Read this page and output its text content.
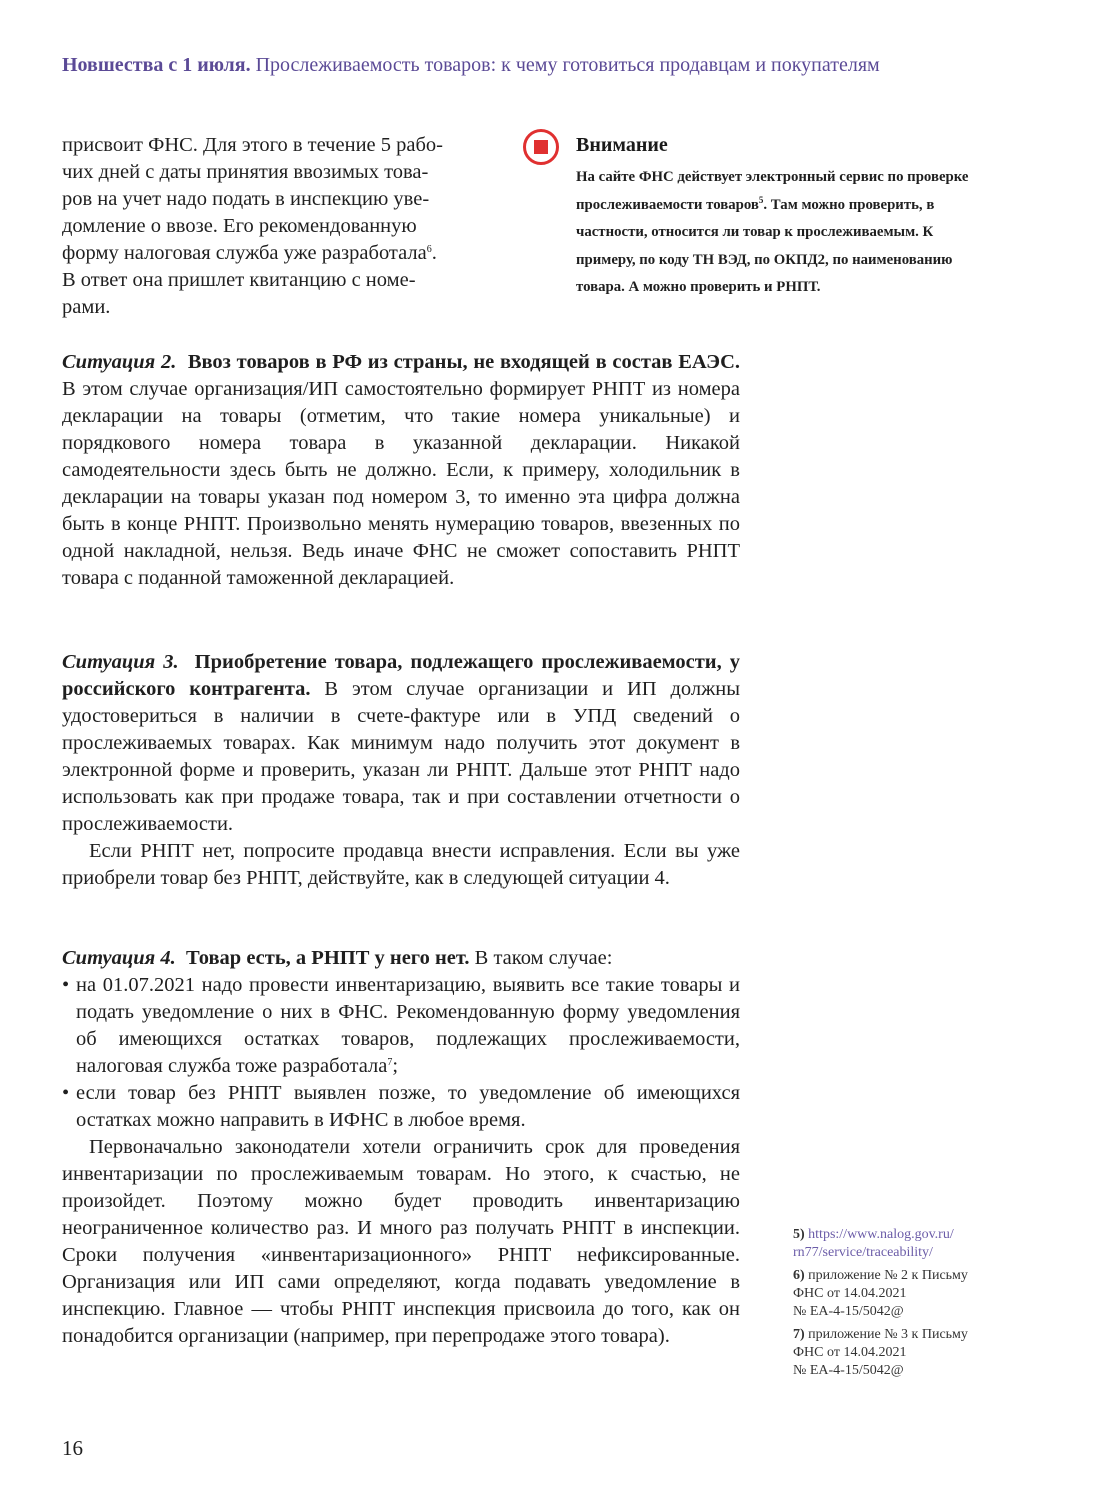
Новшества с 1 июля. Прослеживаемость товаров: к чему готовиться продавцам и покупателям
присвоит ФНС. Для этого в течение 5 рабо-
чих дней с даты принятия ввозимых това-
ров на учет надо подать в инспекцию уве-
домление о ввозе. Его рекомендованную
форму налоговая служба уже разработала$^6$.
В ответ она пришлет квитанцию с номе-
рами.
Внимание
На сайте ФНС действует электронный сервис по проверке прослеживаемости товаров$^5$. Там можно проверить, в частности, относится ли товар к прослеживаемым. К примеру, по коду ТН ВЭД, по ОКПД2, по наименованию товара. А можно проверить и РНПТ.

Ситуация 2. Ввоз товаров в РФ из страны, не входящей в состав ЕАЭС. В этом случае организация/ИП самостоятельно формирует РНПТ из номера декларации на товары (отметим, что такие номера уникальные) и порядкового номера товара в указанной декларации. Никакой самодеятельности здесь быть не должно. Если, к примеру, холодильник в декларации на товары указан под номером 3, то именно эта цифра должна быть в конце РНПТ. Произвольно менять нумерацию товаров, ввезенных по одной накладной, нельзя. Ведь иначе ФНС не сможет сопоставить РНПТ товара с поданной таможенной декларацией.

Ситуация 3. Приобретение товара, подлежащего прослеживаемости, у российского контрагента. В этом случае организации и ИП должны удостовериться в наличии в счете-фактуре или в УПД сведений о прослеживаемых товарах. Как минимум надо получить этот документ в электронной форме и проверить, указан ли РНПТ. Дальше этот РНПТ надо использовать как при продаже товара, так и при составлении отчетности о прослеживаемости.

Если РНПТ нет, попросите продавца внести исправления. Если вы уже приобрели товар без РНПТ, действуйте, как в следующей ситуации 4.

Ситуация 4. Товар есть, а РНПТ у него нет. В таком случае:

• на 01.07.2021 надо провести инвентаризацию, выявить все такие товары и подать уведомление о них в ФНС. Рекомендованную форму уведомления об имеющихся остатках товаров, подлежащих прослеживаемости, налоговая служба тоже разработала$^7$;
• если товар без РНПТ выявлен позже, то уведомление об имеющихся остатках можно направить в ИФНС в любое время.

Первоначально законодатели хотели ограничить срок для проведения инвентаризации по прослеживаемым товарам. Но этого, к счастью, не произойдет. Поэтому можно будет проводить инвентаризацию неограниченное количество раз. И много раз получать РНПТ в инспекции. Сроки получения «инвентаризационного» РНПТ нефиксированные. Организация или ИП сами определяют, когда подавать уведомление в инспекцию. Главное — чтобы РНПТ инспекция присвоила до того, как он понадобится организации (например, при перепродаже этого товара).

5) https://www.nalog.gov.ru/
rn77/service/traceability/

6) приложение № 2 к Письму
ФНС от 14.04.2021
№ ЕА-4-15/5042@

7) приложение № 3 к Письму
ФНС от 14.04.2021
№ ЕА-4-15/5042@

16
